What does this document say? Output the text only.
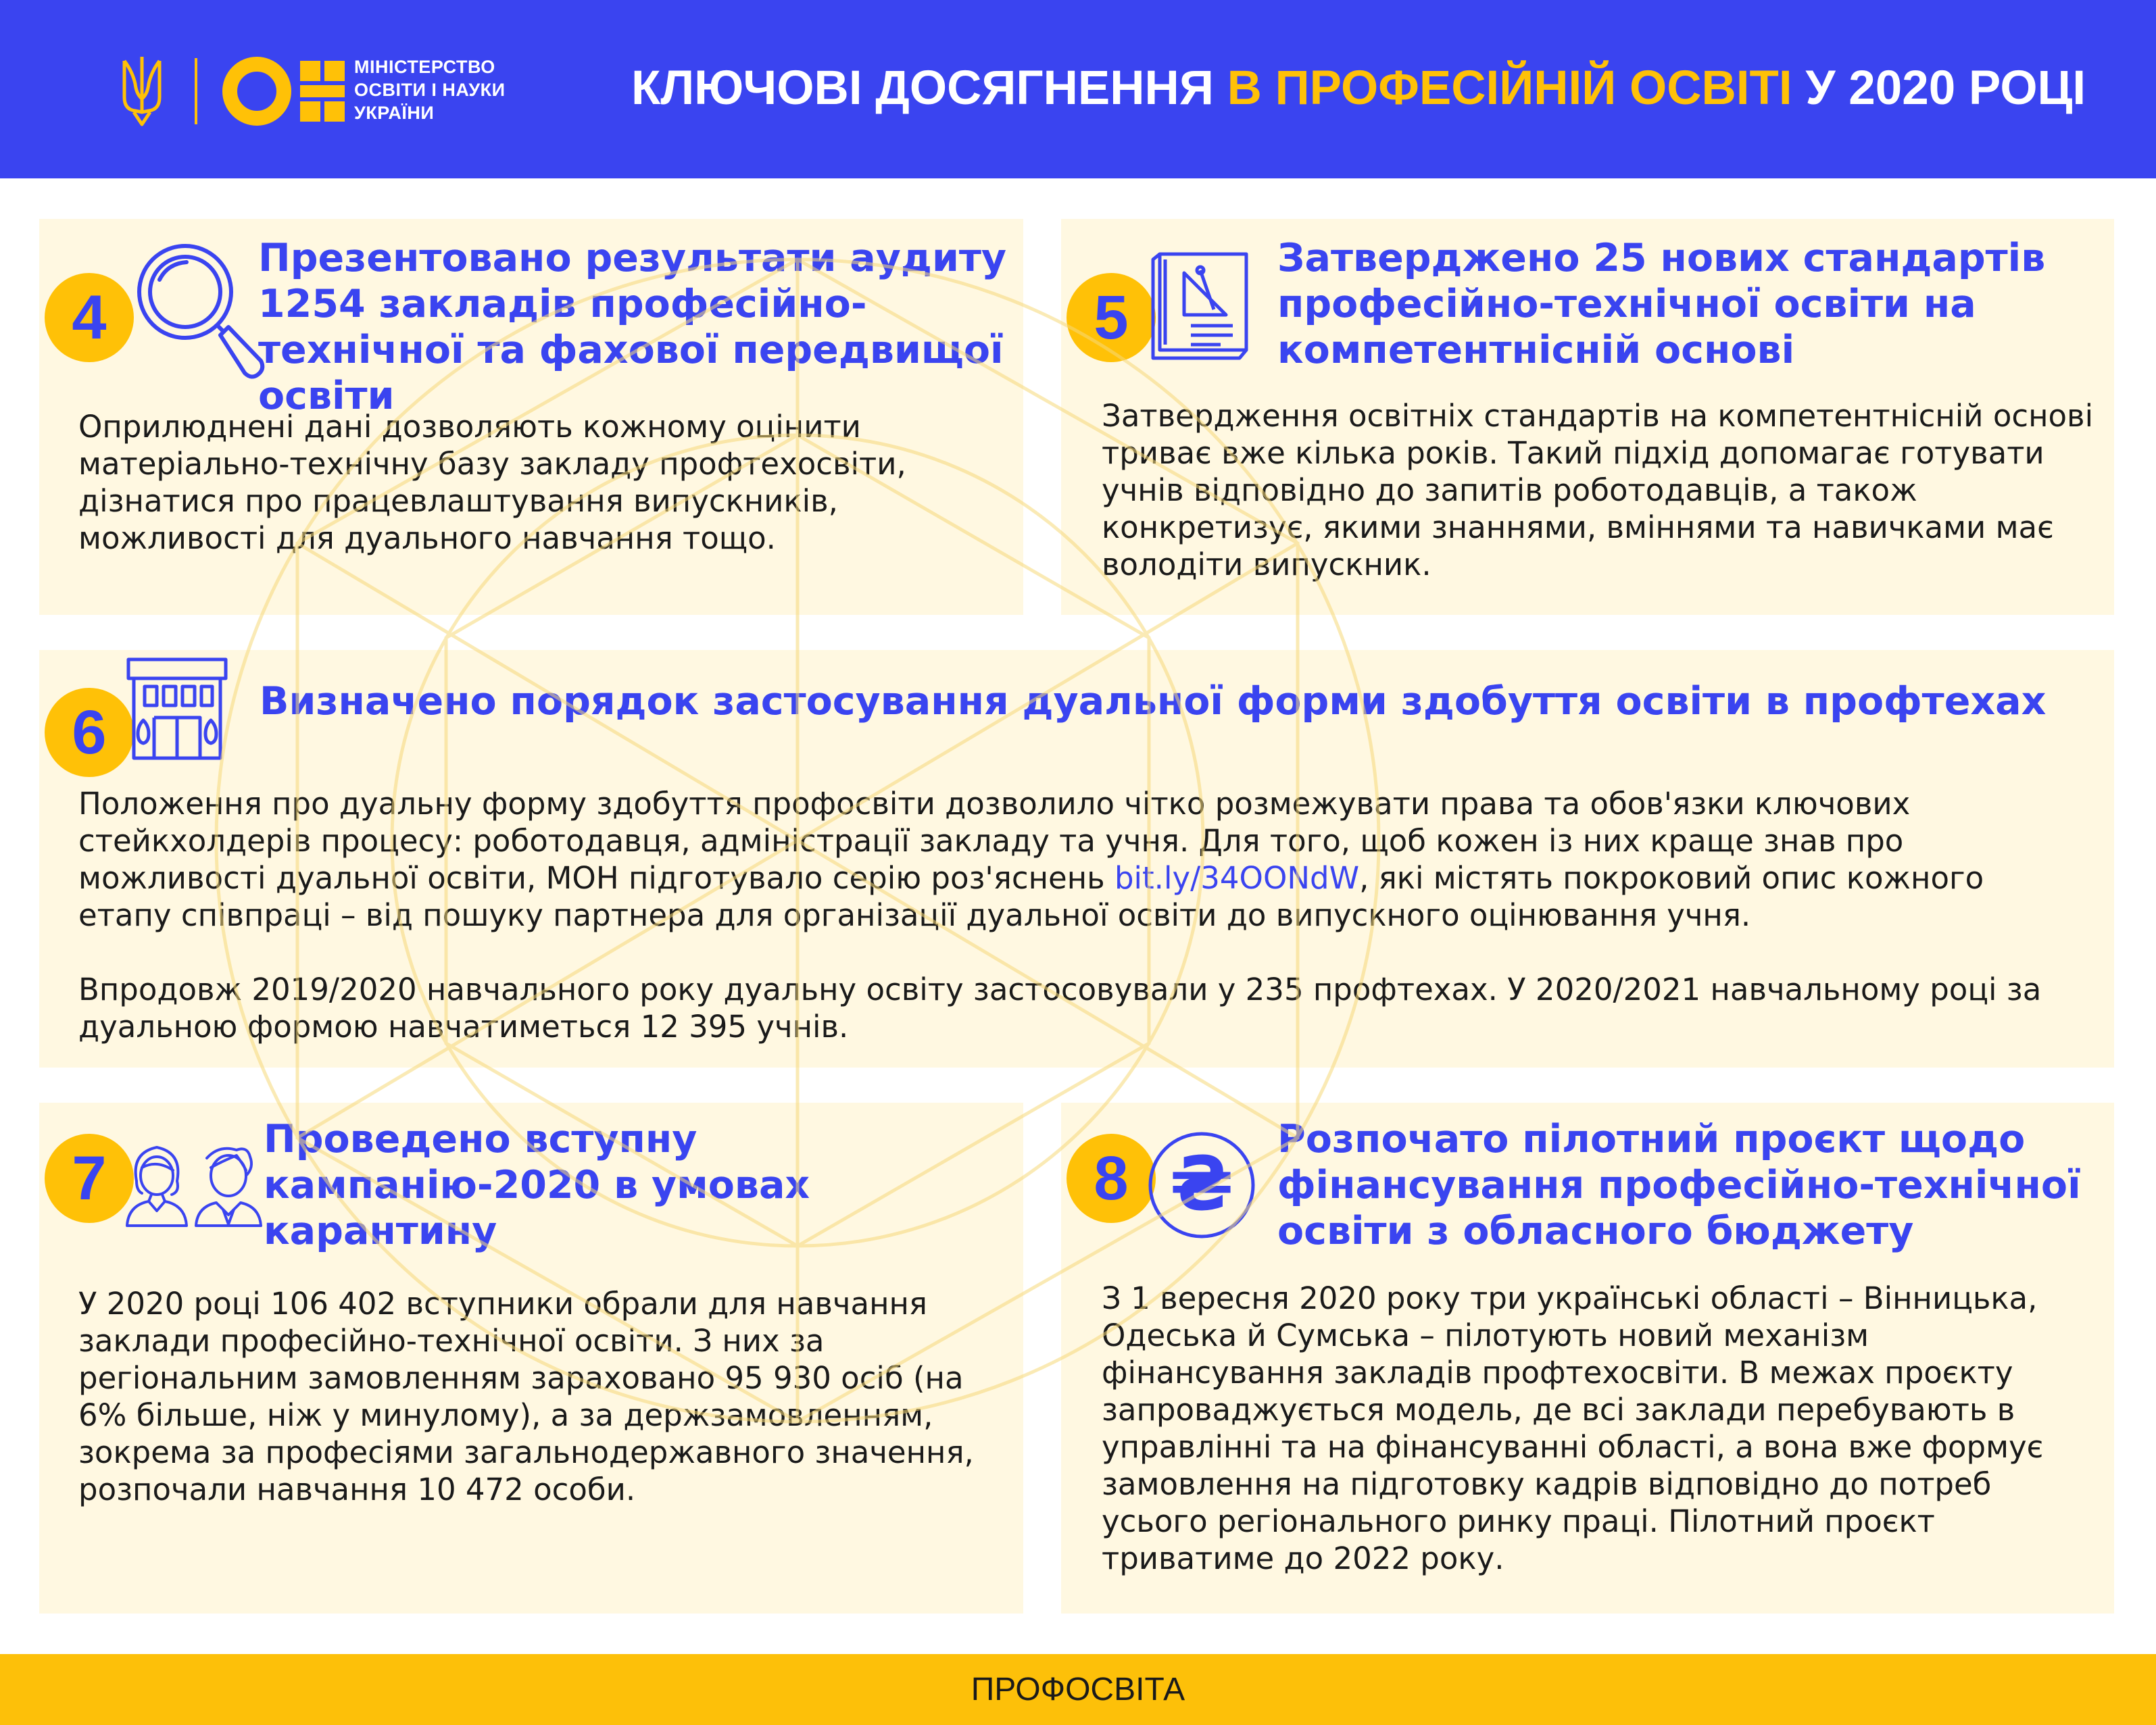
МІНІСТЕРСТВО ОСВІТИ І НАУКИ УКРАЇНИ	КЛЮЧОВІ ДОСЯГНЕННЯ В ПРОФЕСІЙНІЙ ОСВІТІ У 2020 РОЦІ
4
Презентовано результати аудиту 1254 закладів професійно-технічної та фахової передвищої освіти

Оприлюднені дані дозволяють кожному оцінити матеріально-технічну базу закладу профтехосвіти, дізнатися про працевлаштування випускників, можливості для дуального навчання тощо.

5
Затверджено 25 нових стандартів професійно-технічної освіти на компетентнісній основі

Затвердження освітніх стандартів на компетентнісній основі триває вже кілька років. Такий підхід допомагає готувати учнів відповідно до запитів роботодавців, а також конкретизує, якими знаннями, вміннями та навичками має володіти випускник.

6	Визначено порядок застосування дуальної форми здобуття освіти в профтехах

Положення про дуальну форму здобуття профосвіти дозволило чітко розмежувати права та обов'язки ключових стейкхолдерів процесу: роботодавця, адміністрації закладу та учня. Для того, щоб кожен із них краще знав про можливості дуальної освіти, МОН підготувало серію роз'яснень bit.ly/34OONdW, які містять покроковий опис кожного етапу співпраці – від пошуку партнера для організації дуальної освіти до випускного оцінювання учня.

Впродовж 2019/2020 навчального року дуальну освіту застосовували у 235 профтехах. У 2020/2021 навчальному році за дуальною формою навчатиметься 12 395 учнів.

7
Проведено вступну кампанію-2020 в умовах карантину

У 2020 році 106 402 вступники обрали для навчання заклади професійно-технічної освіти. З них за регіональним замовленням зараховано 95 930 осіб (на 6% більше, ніж у минулому), а за держзамовленням, зокрема за професіями загальнодержавного значення, розпочали навчання 10 472 особи.

8 ₴
Розпочато пілотний проєкт щодо фінансування професійно-технічної освіти з обласного бюджету

З 1 вересня 2020 року три українські області – Вінницька, Одеська й Сумська – пілотують новий механізм фінансування закладів профтехосвіти. В межах проєкту запроваджується модель, де всі заклади перебувають в управлінні та на фінансуванні області, а вона вже формує замовлення на підготовку кадрів відповідно до потреб усього регіонального ринку праці. Пілотний проєкт триватиме до 2022 року.

ПРОФОСВІТА
